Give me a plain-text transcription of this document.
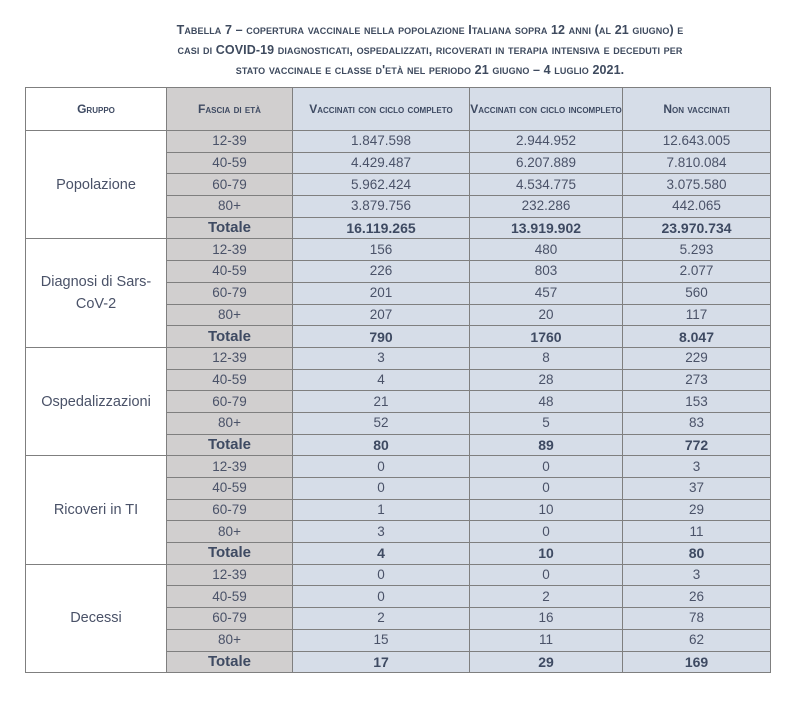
Tabella 7 – copertura vaccinale nella popolazione Italiana sopra 12 anni (al 21 giugno) e
casi di COVID-19 diagnosticati, ospedalizzati, ricoverati in terapia intensiva e deceduti per
stato vaccinale e classe d'età nel periodo 21 giugno – 4 luglio 2021.
Gruppo	Fascia di età	Vaccinati con ciclo completo	Vaccinati con ciclo incompleto	Non vaccinati
Popolazione	12-39	1.847.598	2.944.952	12.643.005
	40-59	4.429.487	6.207.889	7.810.084
	60-79	5.962.424	4.534.775	3.075.580
	80+	3.879.756	232.286	442.065
	Totale	16.119.265	13.919.902	23.970.734
Diagnosi di Sars-CoV-2	12-39	156	480	5.293
	40-59	226	803	2.077
	60-79	201	457	560
	80+	207	20	117
	Totale	790	1760	8.047
Ospedalizzazioni	12-39	3	8	229
	40-59	4	28	273
	60-79	21	48	153
	80+	52	5	83
	Totale	80	89	772
Ricoveri in TI	12-39	0	0	3
	40-59	0	0	37
	60-79	1	10	29
	80+	3	0	11
	Totale	4	10	80
Decessi	12-39	0	0	3
	40-59	0	2	26
	60-79	2	16	78
	80+	15	11	62
	Totale	17	29	169
